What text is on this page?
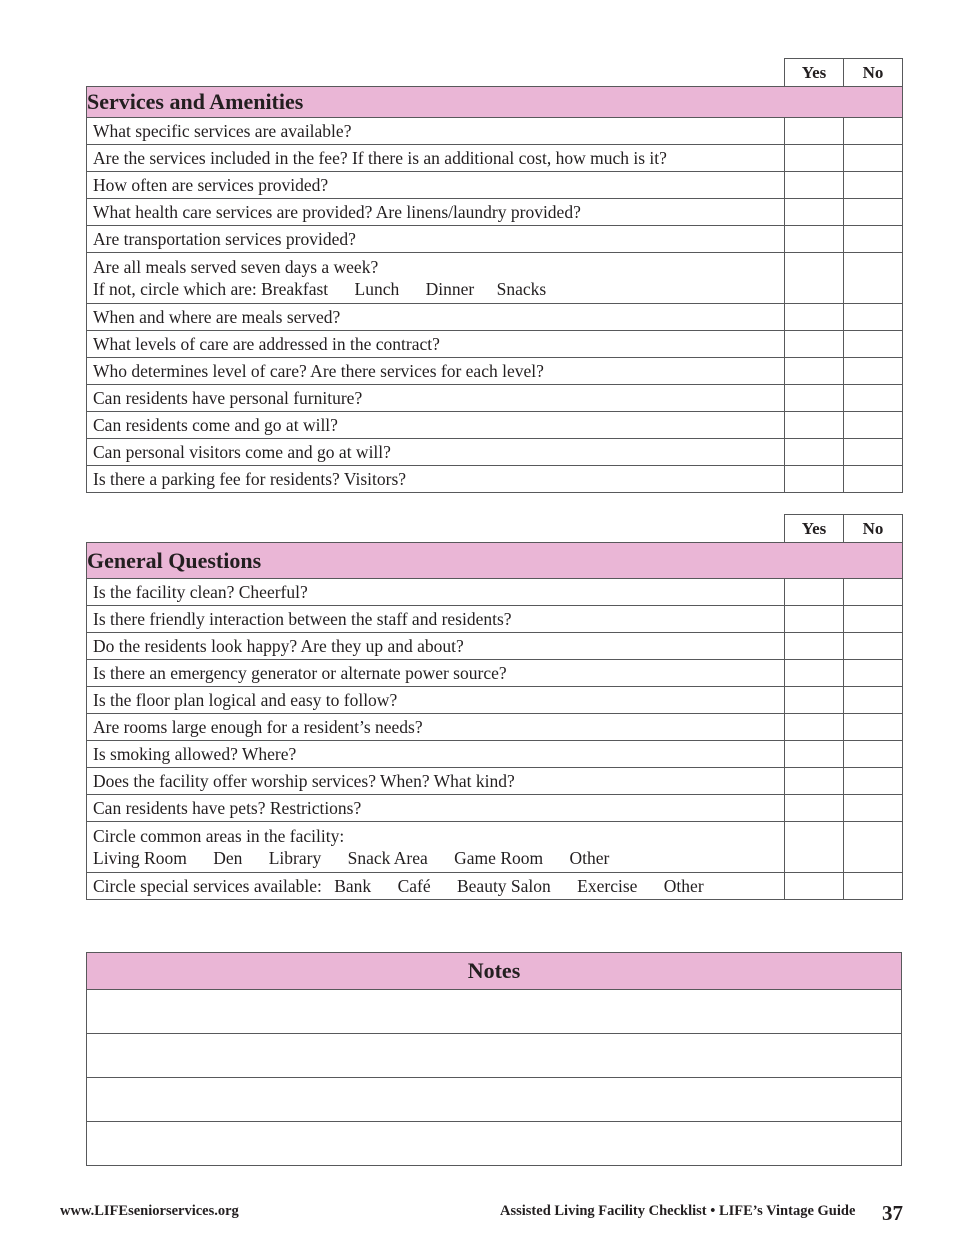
	Yes	No
Services and Amenities		
What specific services are available?		
Are the services included in the fee? If there is an additional cost, how much is it?		
How often are services provided?		
What health care services are provided? Are linens/laundry provided?		
Are transportation services provided?		

Are all meals served seven days a week?
If not, circle which are: Breakfast Lunch Dinner Snacks		

When and where are meals served?		
What levels of care are addressed in the contract?		
Who determines level of care? Are there services for each level?		
Can residents have personal furniture?		
Can residents come and go at will?		
Can personal visitors come and go at will?		
Is there a parking fee for residents? Visitors?		
	Yes	No
General Questions		
Is the facility clean? Cheerful?		
Is there friendly interaction between the staff and residents?		
Do the residents look happy? Are they up and about?		
Is there an emergency generator or alternate power source?		
Is the floor plan logical and easy to follow?		
Are rooms large enough for a resident’s needs?		
Is smoking allowed? Where?		
Does the facility offer worship services? When? What kind?		
Can residents have pets? Restrictions?		

Circle common areas in the facility:
Living Room Den Library Snack Area Game Room Other		

Circle special services available: Bank Café Beauty Salon Exercise Other		
Notes
www.LIFEseniorservices.org	Assisted Living Facility Checklist • LIFE’s Vintage Guide 37
